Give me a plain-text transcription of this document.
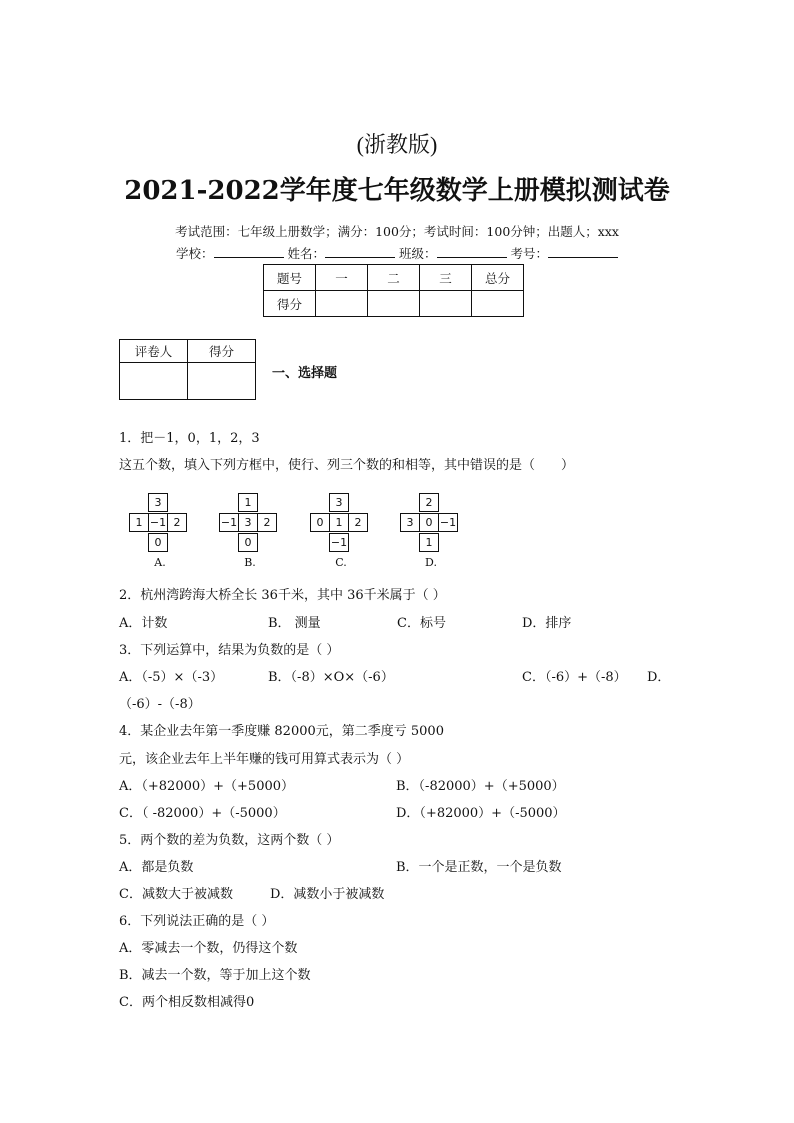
(浙教版)
2021-2022学年度七年级数学上册模拟测试卷
考试范围：七年级上册数学；满分：100分；考试时间：100分钟；出题人；xxx
学校：	姓名：	班级：	考号：
题号	一	二	三	总分
得分				
评卷人	得分

一、选择题
1．把－1，0，1，2，3
这五个数，填入下列方框中，使行、列三个数的和相等，其中错误的是（　　）
3
1 −1 2
0
A.
1
−1 3	2
0
B.
3
0	1	2
−1
C.
2
3	0 −1
1
D.
2．杭州湾跨海大桥全长 36千米，其中 36千米属于（ ）
A．计数	B． 测量	C．标号	D．排序
3．下列运算中，结果为负数的是（ ）
A．（-5）×（-3）	B．（-8）×O×（-6）	C．（-6）+（-8） D．
（-6）-（-8）
4．某企业去年第一季度赚 82000元，第二季度亏 5000
元，该企业去年上半年赚的钱可用算式表示为（ ）
A．（+82000）+（+5000）	B．（-82000）+（+5000）
C．（ -82000）+（-5000）	D．（+82000）+（-5000）
5．两个数的差为负数，这两个数（ ）
A．都是负数	B．一个是正数，一个是负数
C．减数大于被减数	D．减数小于被减数
6．下列说法正确的是（ ）
A．零减去一个数，仍得这个数
B．减去一个数，等于加上这个数
C．两个相反数相减得0
